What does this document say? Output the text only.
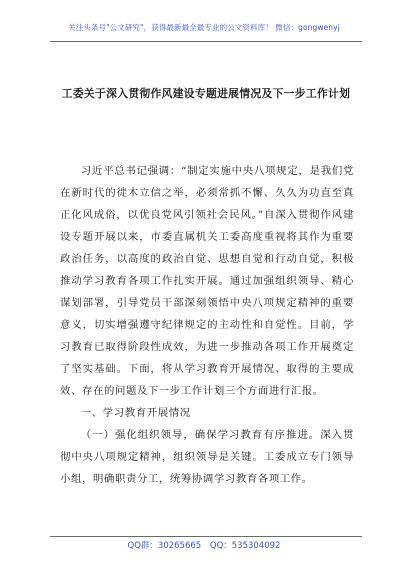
关注头条号"公文研究"，获得最新最全最专业的公文资料库！ 微信：gongwenyj
工委关于深入贯彻作风建设专题进展情况及下一步工作计划

习近平总书记强调：“制定实施中央八项规定，是我们党在新时代的徙木立信之举，必须常抓不懈、久久为功直至真正化风成俗，以优良党风引领社会民风。”自深入贯彻作风建设专题开展以来，市委直属机关工委高度重视将其作为重要政治任务，以高度的政治自觉、思想自觉和行动自觉，积极推动学习教育各项工作扎实开展。通过加强组织领导、精心谋划部署，引导党员干部深刻领悟中央八项规定精神的重要意义，切实增强遵守纪律规定的主动性和自觉性。目前，学习教育已取得阶段性成效，为进一步推动各项工作开展奠定了坚实基础。下面，将从学习教育开展情况、取得的主要成效、存在的问题及下一步工作计划三个方面进行汇报。

一、学习教育开展情况

（一）强化组织领导，确保学习教育有序推进。深入贯彻中央八项规定精神，组织领导是关键。工委成立专门领导小组，明确职责分工，统筹协调学习教育各项工作。

QQ群：30265665 QQ：535304092
